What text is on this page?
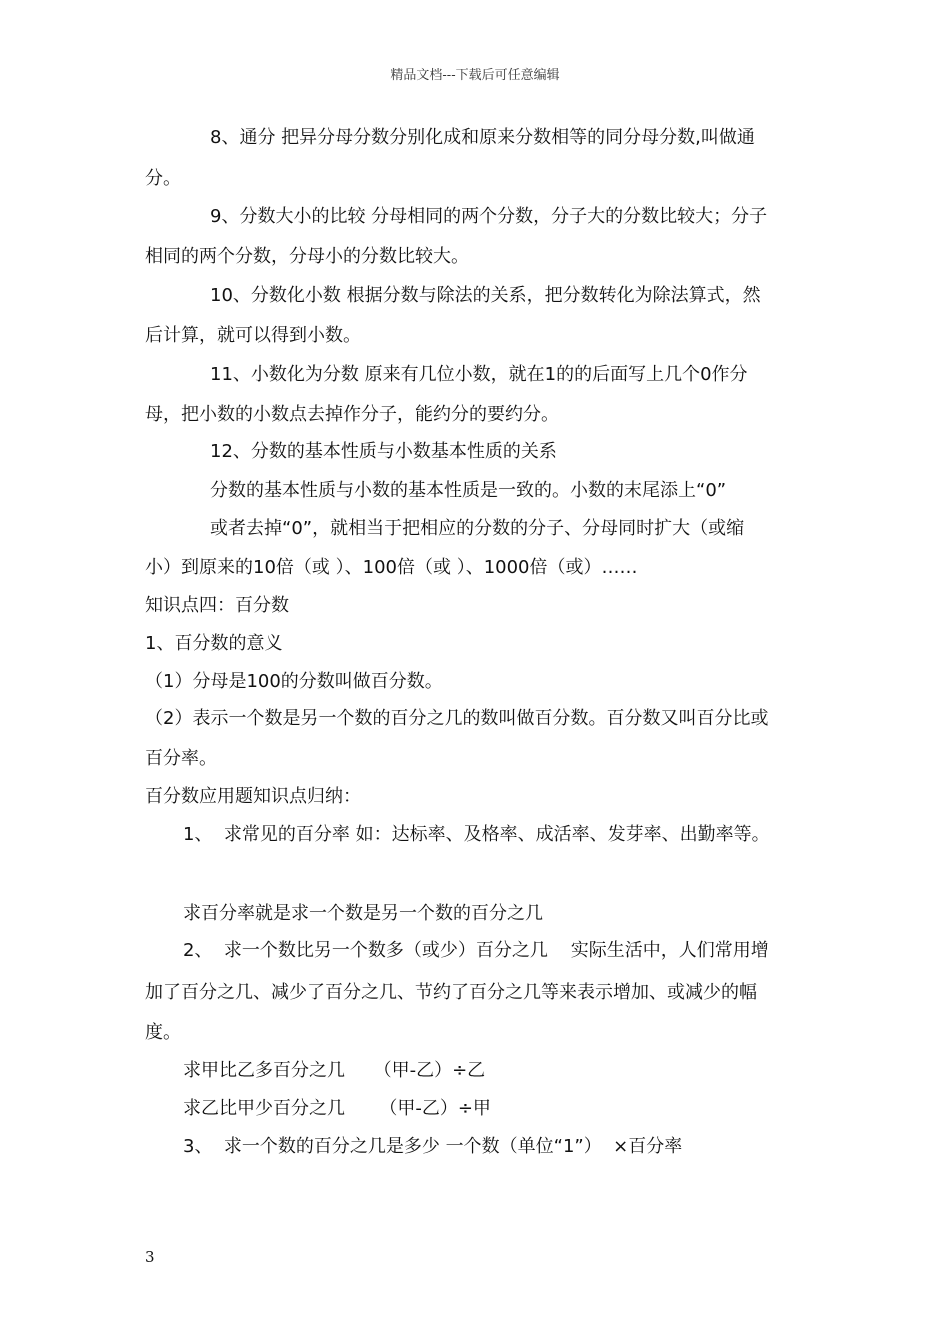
精品文档---下载后可任意编辑
8、通分 把异分母分数分别化成和原来分数相等的同分母分数,叫做通
分。
9、分数大小的比较 分母相同的两个分数，分子大的分数比较大；分子
相同的两个分数，分母小的分数比较大。
10、分数化小数 根据分数与除法的关系，把分数转化为除法算式，然
后计算，就可以得到小数。
11、小数化为分数 原来有几位小数，就在1的的后面写上几个0作分
母，把小数的小数点去掉作分子，能约分的要约分。
12、分数的基本性质与小数基本性质的关系
分数的基本性质与小数的基本性质是一致的。小数的末尾添上“0”
或者去掉“0”，就相当于把相应的分数的分子、分母同时扩大（或缩
小）到原来的10倍（或 ）、100倍（或 ）、1000倍（或）……
知识点四：百分数
1、百分数的意义
（1）分母是100的分数叫做百分数。
（2）表示一个数是另一个数的百分之几的数叫做百分数。百分数又叫百分比或
百分率。
百分数应用题知识点归纳：
1、  求常见的百分率 如：达标率、及格率、成活率、发芽率、出勤率等。
求百分率就是求一个数是另一个数的百分之几
2、  求一个数比另一个数多（或少）百分之几    实际生活中，人们常用增
加了百分之几、减少了百分之几、节约了百分之几等来表示增加、或减少的幅
度。
求甲比乙多百分之几     （甲-乙）÷乙
求乙比甲少百分之几      （甲-乙）÷甲
3、  求一个数的百分之几是多少 一个数（单位“1”）  ×百分率
3
